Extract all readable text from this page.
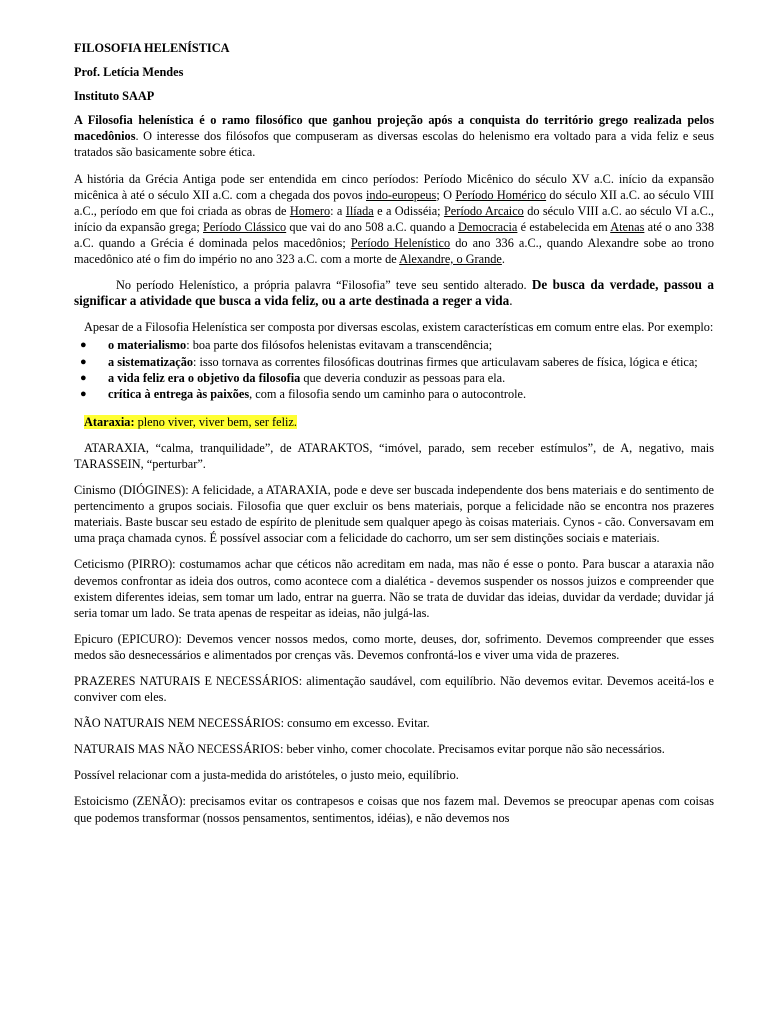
FILOSOFIA HELENÍSTICA

Prof. Letícia Mendes

Instituto SAAP

A Filosofia helenística é o ramo filosófico que ganhou projeção após a conquista do território grego realizada pelos macedônios. O interesse dos filósofos que compuseram as diversas escolas do helenismo era voltado para a vida feliz e seus tratados são basicamente sobre ética.

A história da Grécia Antiga pode ser entendida em cinco períodos: Período Micênico do século XV a.C. início da expansão micênica à até o século XII a.C. com a chegada dos povos indo-europeus; O Período Homérico do século XII a.C. ao século VIII a.C., período em que foi criada as obras de Homero: a Ilíada e a Odisséia; Período Arcaico do século VIII a.C. ao século VI a.C., início da expansão grega; Período Clássico que vai do ano 508 a.C. quando a Democracia é estabelecida em Atenas até o ano 338 a.C. quando a Grécia é dominada pelos macedônios; Período Helenístico do ano 336 a.C., quando Alexandre sobe ao trono macedônico até o fim do império no ano 323 a.C. com a morte de Alexandre, o Grande.

No período Helenístico, a própria palavra “Filosofia” teve seu sentido alterado. De busca da verdade, passou a significar a atividade que busca a vida feliz, ou a arte destinada a reger a vida.

Apesar de a Filosofia Helenística ser composta por diversas escolas, existem características em comum entre elas. Por exemplo:

● o materialismo: boa parte dos filósofos helenistas evitavam a transcendência;
● a sistematização: isso tornava as correntes filosóficas doutrinas firmes que articulavam saberes de física, lógica e ética;
● a vida feliz era o objetivo da filosofia que deveria conduzir as pessoas para ela.
● crítica à entrega às paixões, com a filosofia sendo um caminho para o autocontrole.

Ataraxia: pleno viver, viver bem, ser feliz.

ATARAXIA, “calma, tranquilidade”, de ATARAKTOS, “imóvel, parado, sem receber estímulos”, de A, negativo, mais TARASSEIN, “perturbar”.

Cinismo (DIÓGINES): A felicidade, a ATARAXIA, pode e deve ser buscada independente dos bens materiais e do sentimento de pertencimento a grupos sociais. Filosofia que quer excluir os bens materiais, porque a felicidade não se encontra nos prazeres materiais. Baste buscar seu estado de espírito de plenitude sem qualquer apego às coisas materiais. Cynos - cão. Conversavam em uma praça chamada cynos. É possível associar com a felicidade do cachorro, um ser sem distinções sociais e materiais.

Ceticismo (PIRRO): costumamos achar que céticos não acreditam em nada, mas não é esse o ponto. Para buscar a ataraxia não devemos confrontar as ideia dos outros, como acontece com a dialética - devemos suspender os nossos juizos e compreender que existem diferentes ideias, sem tomar um lado, entrar na guerra. Não se trata de duvidar das ideias, duvidar da verdade; duvidar já seria tomar um lado. Se trata apenas de respeitar as ideias, não julgá-las.

Epicuro (EPICURO): Devemos vencer nossos medos, como morte, deuses, dor, sofrimento. Devemos compreender que esses medos são desnecessários e alimentados por crenças vãs. Devemos confrontá-los e viver uma vida de prazeres.

PRAZERES NATURAIS E NECESSÁRIOS: alimentação saudável, com equilíbrio. Não devemos evitar. Devemos aceitá-los e conviver com eles.

NÃO NATURAIS NEM NECESSÁRIOS: consumo em excesso. Evitar.

NATURAIS MAS NÃO NECESSÁRIOS: beber vinho, comer chocolate. Precisamos evitar porque não são necessários.

Possível relacionar com a justa-medida do aristóteles, o justo meio, equilíbrio.

Estoicismo (ZENÃO): precisamos evitar os contrapesos e coisas que nos fazem mal. Devemos se preocupar apenas com coisas que podemos transformar (nossos pensamentos, sentimentos, idéias), e não devemos nos
